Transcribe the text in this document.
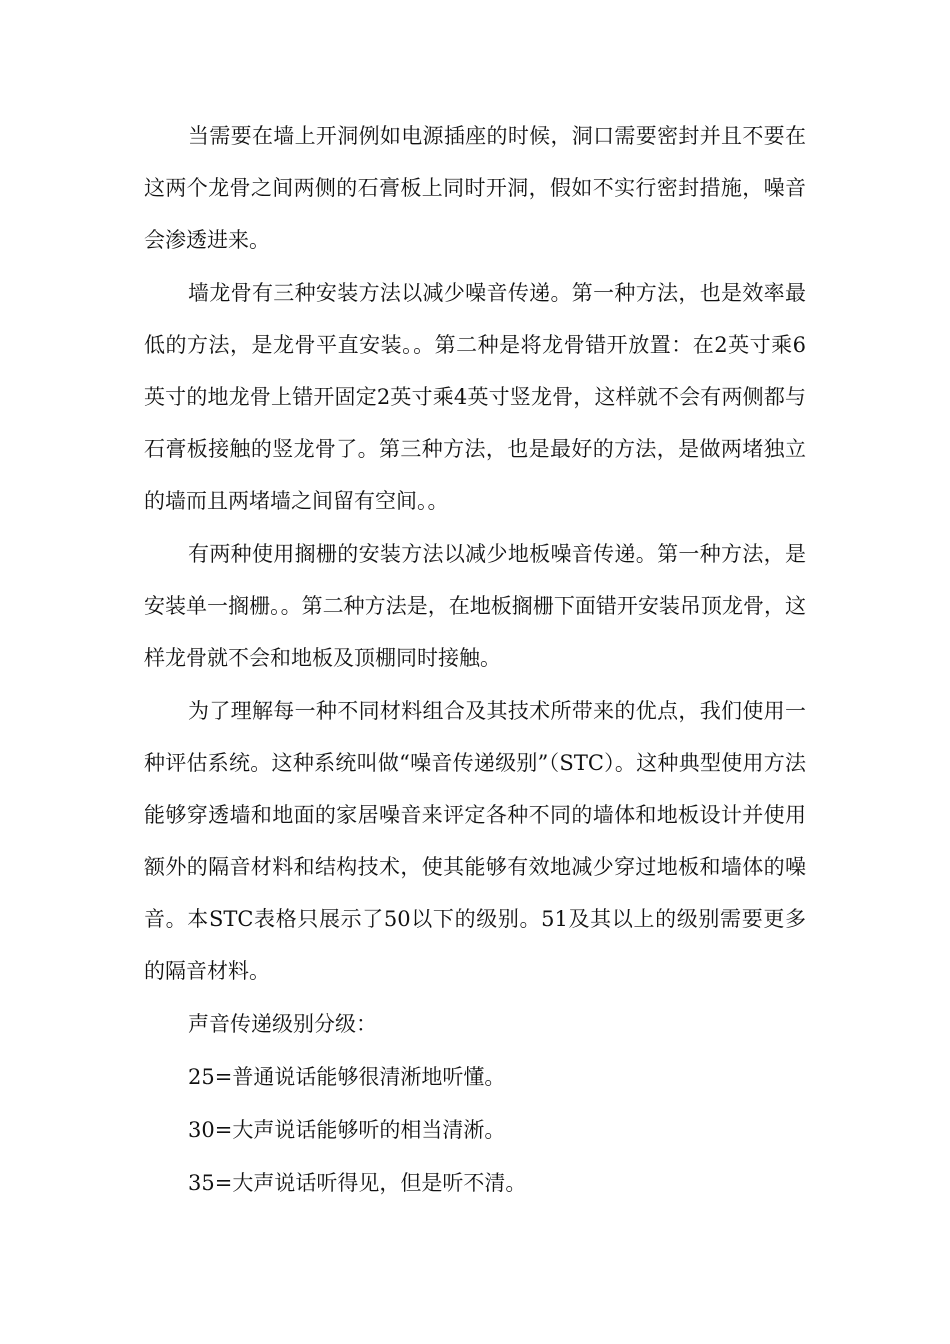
当需要在墙上开洞例如电源插座的时候，洞口需要密封并且不要在这两个龙骨之间两侧的石膏板上同时开洞，假如不实行密封措施，噪音会渗透进来。

墙龙骨有三种安装方法以减少噪音传递。第一种方法，也是效率最低的方法，是龙骨平直安装。。第二种是将龙骨错开放置：在2英寸乘6英寸的地龙骨上错开固定2英寸乘4英寸竖龙骨，这样就不会有两侧都与石膏板接触的竖龙骨了。第三种方法，也是最好的方法，是做两堵独立的墙而且两堵墙之间留有空间。。

有两种使用搁栅的安装方法以减少地板噪音传递。第一种方法，是安装单一搁栅。。第二种方法是，在地板搁栅下面错开安装吊顶龙骨，这样龙骨就不会和地板及顶棚同时接触。

为了理解每一种不同材料组合及其技术所带来的优点，我们使用一种评估系统。这种系统叫做“噪音传递级别”（STC）。这种典型使用方法能够穿透墙和地面的家居噪音来评定各种不同的墙体和地板设计并使用额外的隔音材料和结构技术，使其能够有效地减少穿过地板和墙体的噪音。本STC表格只展示了50以下的级别。51及其以上的级别需要更多的隔音材料。

声音传递级别分级：

25=普通说话能够很清淅地听懂。

30=大声说话能够听的相当清淅。

35=大声说话听得见，但是听不清。
